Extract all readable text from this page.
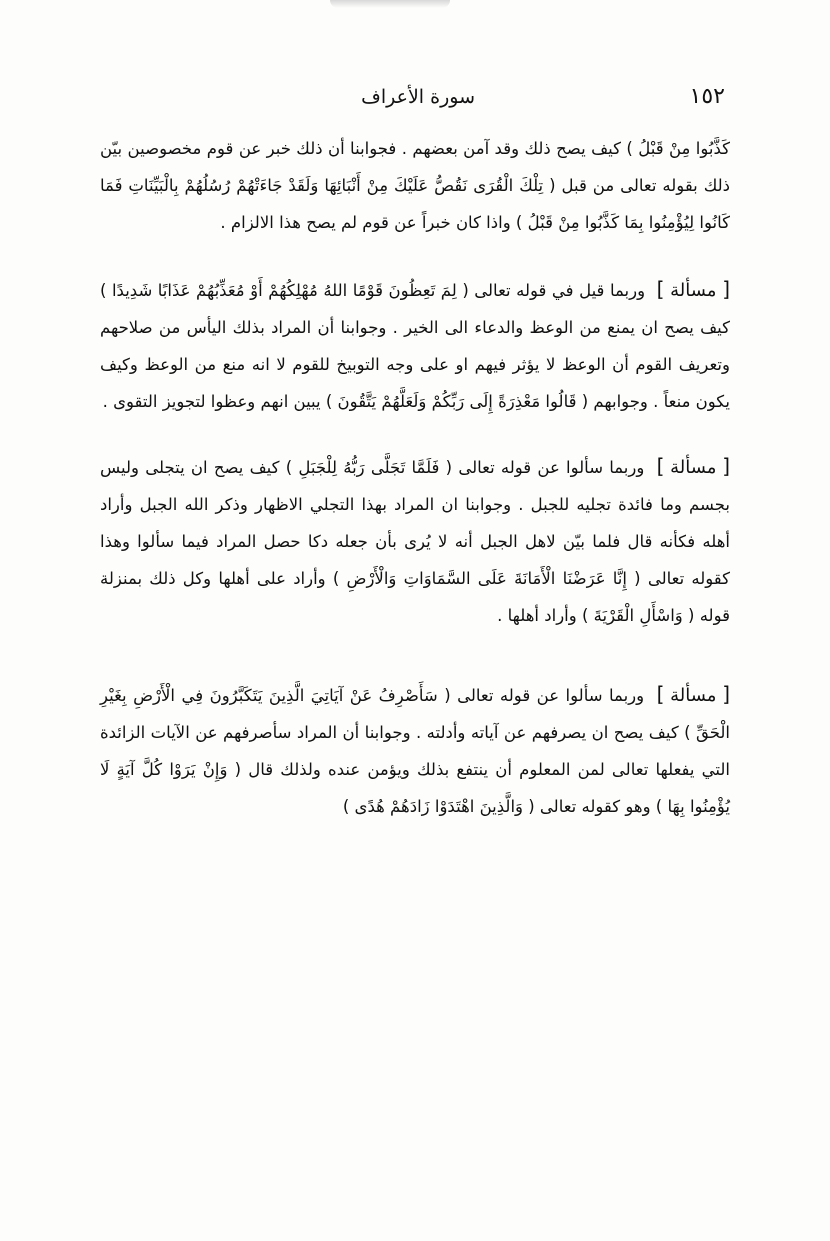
١٥٢
سورة الأعراف

كَذَّبُوا مِنْ قَبْلُ ) كيف يصح ذلك وقد آمن بعضهم . فجوابنا أن ذلك خبر عن قوم مخصوصين بيّن ذلك بقوله تعالى من قبل ( تِلْكَ الْقُرَى نَقُصُّ عَلَيْكَ مِنْ أَنْبَائِهَا وَلَقَدْ جَاءَتْهُمْ رُسُلُهُمْ بِالْبَيِّنَاتِ فَمَا كَانُوا لِيُؤْمِنُوا بِمَا كَذَّبُوا مِنْ قَبْلُ ) واذا كان خبراً عن قوم لم يصح هذا الالزام .

[ مسألة ] وربما قيل في قوله تعالى ( لِمَ تَعِظُونَ قَوْمًا اللهُ مُهْلِكُهُمْ أَوْ مُعَذِّبُهُمْ عَذَابًا شَدِيدًا ) كيف يصح ان يمنع من الوعظ والدعاء الى الخير . وجوابنا أن المراد بذلك اليأس من صلاحهم وتعريف القوم أن الوعظ لا يؤثر فيهم او على وجه التوبيخ للقوم لا انه منع من الوعظ وكيف يكون منعاً . وجوابهم ( قَالُوا مَعْذِرَةً إِلَى رَبِّكُمْ وَلَعَلَّهُمْ يَتَّقُونَ ) يبين انهم وعظوا لتجويز التقوى .

[ مسألة ] وربما سألوا عن قوله تعالى ( فَلَمَّا تَجَلَّى رَبُّهُ لِلْجَبَلِ ) كيف يصح ان يتجلى وليس بجسم وما فائدة تجليه للجبل . وجوابنا ان المراد بهذا التجلي الاظهار وذكر الله الجبل وأراد أهله فكأنه قال فلما بيّن لاهل الجبل أنه لا يُرى بأن جعله دكا حصل المراد فيما سألوا وهذا كقوله تعالى ( إِنَّا عَرَضْنَا الْأَمَانَةَ عَلَى السَّمَاوَاتِ وَالْأَرْضِ ) وأراد على أهلها وكل ذلك بمنزلة قوله ( وَاسْأَلِ الْقَرْيَةَ ) وأراد أهلها .

[ مسألة ] وربما سألوا عن قوله تعالى ( سَأَصْرِفُ عَنْ آيَاتِيَ الَّذِينَ يَتَكَبَّرُونَ فِي الْأَرْضِ بِغَيْرِ الْحَقِّ ) كيف يصح ان يصرفهم عن آياته وأدلته . وجوابنا أن المراد سأصرفهم عن الآيات الزائدة التي يفعلها تعالى لمن المعلوم أن ينتفع بذلك ويؤمن عنده ولذلك قال ( وَإِنْ يَرَوْا كُلَّ آيَةٍ لَا يُؤْمِنُوا بِهَا ) وهو كقوله تعالى ( وَالَّذِينَ اهْتَدَوْا زَادَهُمْ هُدًى )
